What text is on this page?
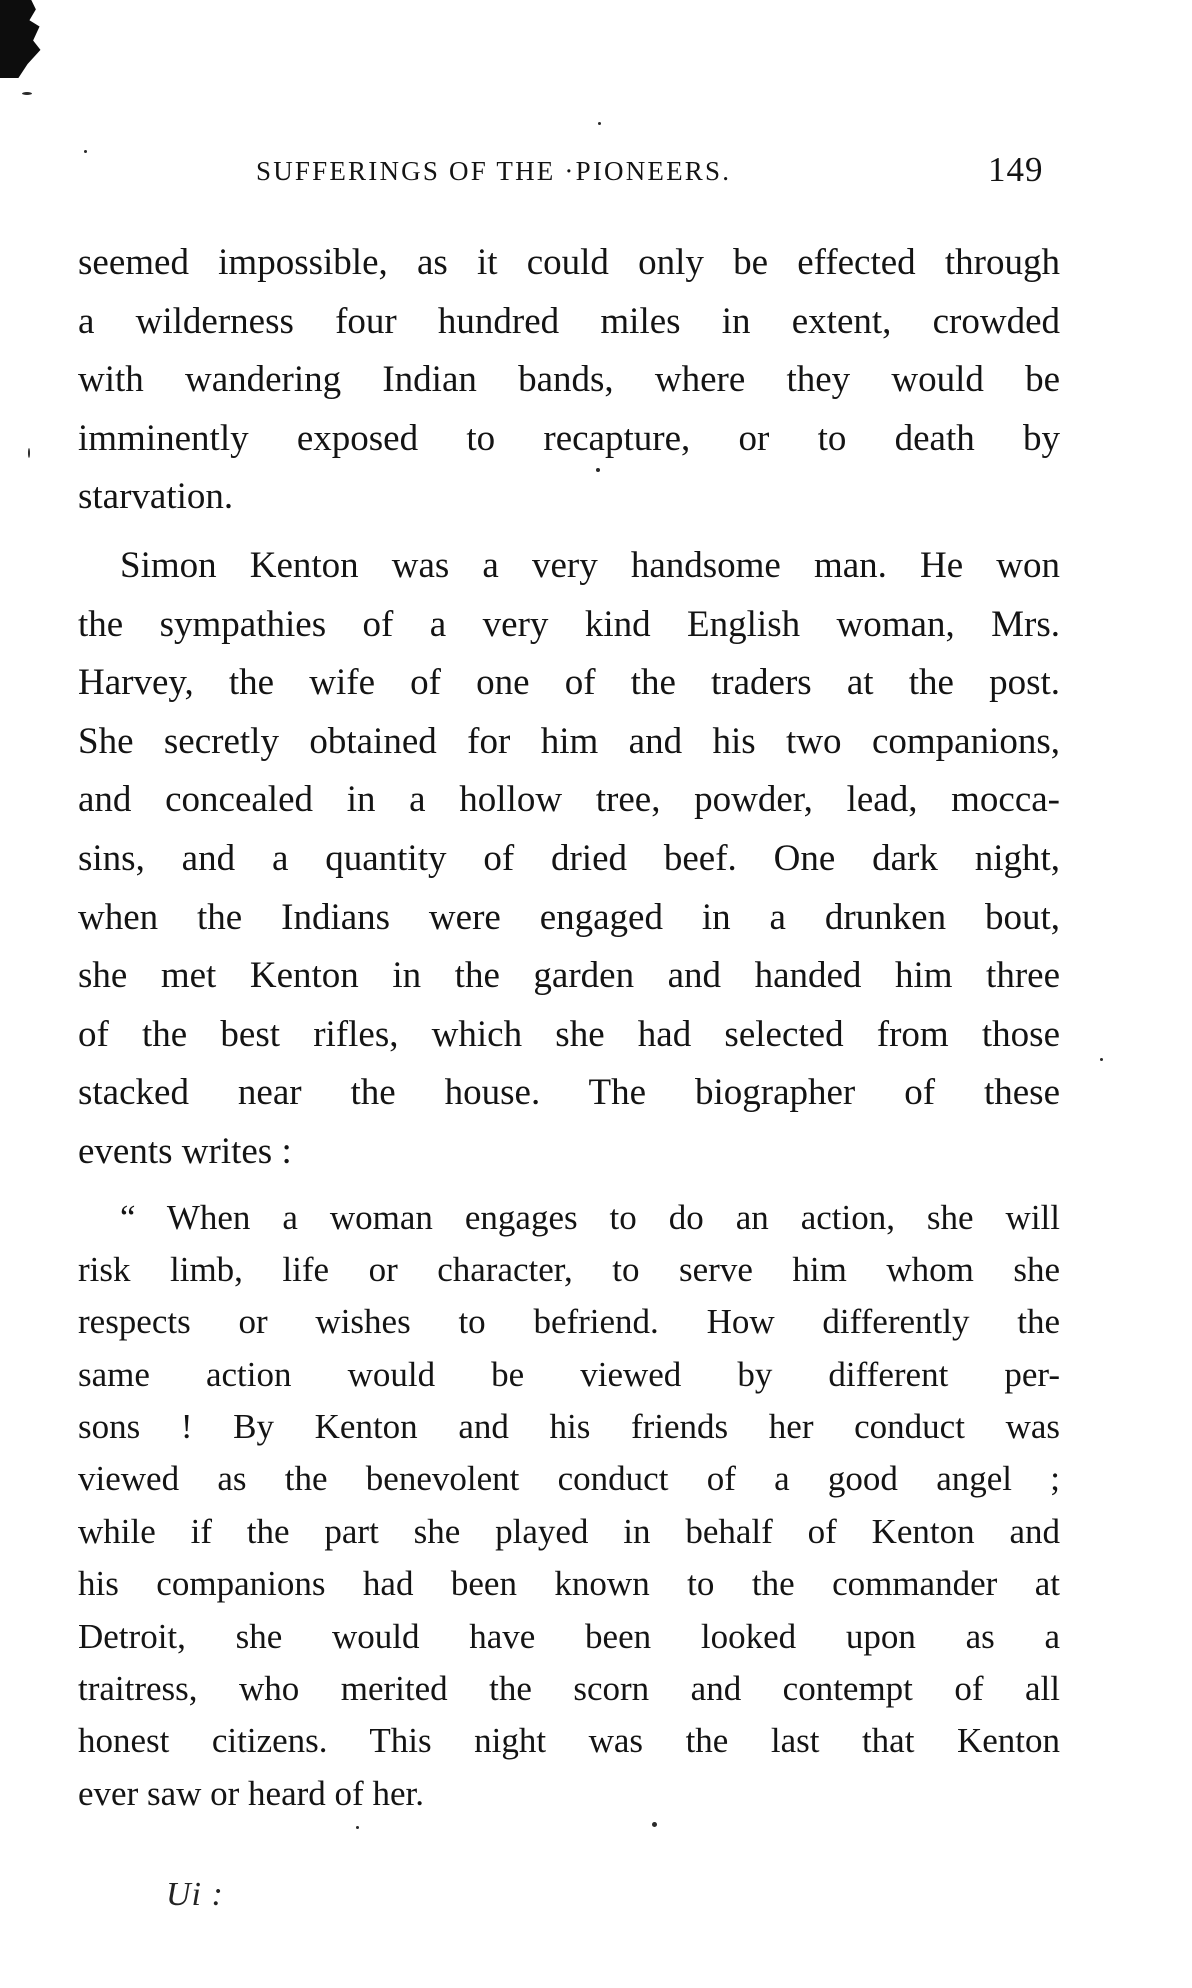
SUFFERINGS OF THE ·PIONEERS.	149
seemed impossible, as it could only be effected through
a wilderness four hundred miles in extent, crowded
with wandering Indian bands, where they would be
imminently exposed to recapture, or to death by
starvation.
Simon Kenton was a very handsome man. He won
the sympathies of a very kind English woman, Mrs.
Harvey, the wife of one of the traders at the post.
She secretly obtained for him and his two companions,
and concealed in a hollow tree, powder, lead, mocca-
sins, and a quantity of dried beef. One dark night,
when the Indians were engaged in a drunken bout,
she met Kenton in the garden and handed him three
of the best rifles, which she had selected from those
stacked near the house. The biographer of these
events writes :
“ When a woman engages to do an action, she will
risk limb, life or character, to serve him whom she
respects or wishes to befriend. How differently the
same action would be viewed by different per-
sons ! By Kenton and his friends her conduct was
viewed as the benevolent conduct of a good angel ;
while if the part she played in behalf of Kenton and
his companions had been known to the commander at
Detroit, she would have been looked upon as a
traitress, who merited the scorn and contempt of all
honest citizens. This night was the last that Kenton
ever saw or heard of her.
Ui :
